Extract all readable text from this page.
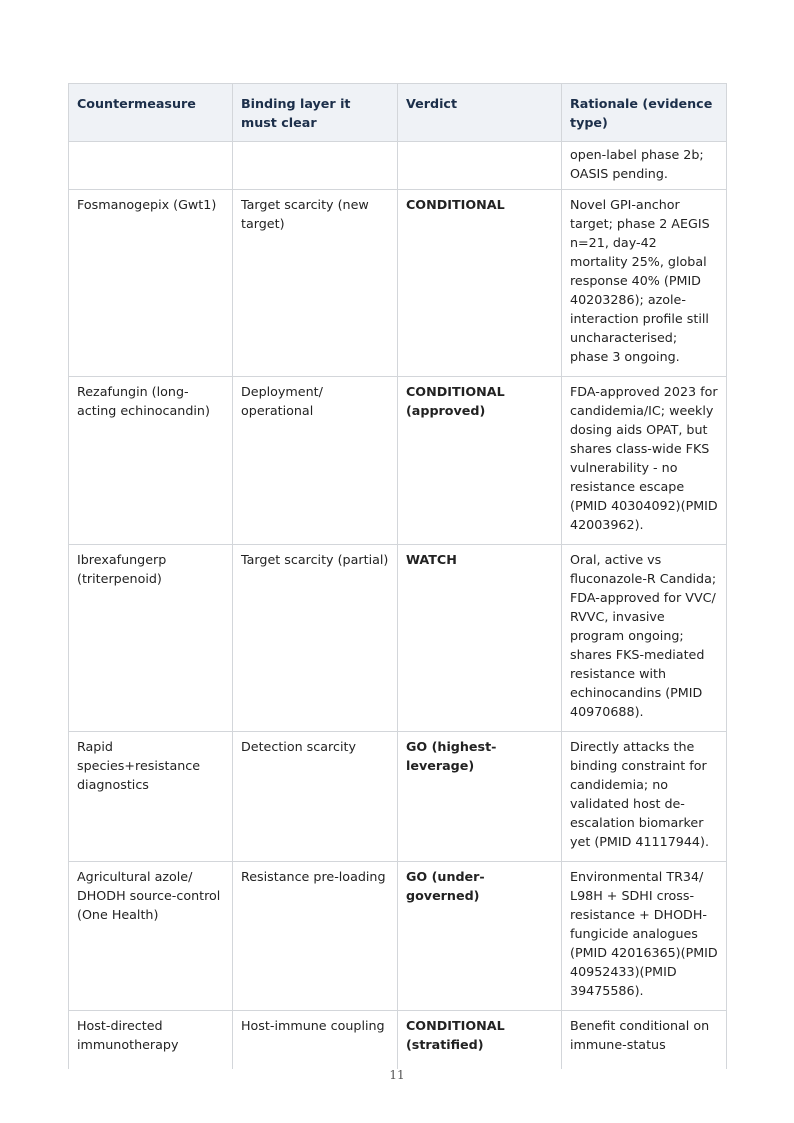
Countermeasure	Binding layer it must clear	Verdict	Rationale (evidence type)
			open-label phase 2b; OASIS pending.
Fosmanogepix (Gwt1)	Target scarcity (new target)	CONDITIONAL	Novel GPI-anchor target; phase 2 AEGIS n=21, day-42 mortality 25%, global response 40% (PMID 40203286); azole-interaction profile still uncharacterised; phase 3 ongoing.
Rezafungin (long-acting echinocandin)	Deployment/ operational	CONDITIONAL (approved)	FDA-approved 2023 for candidemia/IC; weekly dosing aids OPAT, but shares class-wide FKS vulnerability - no resistance escape (PMID 40304092)(PMID 42003962).
Ibrexafungerp (triterpenoid)	Target scarcity (partial)	WATCH	Oral, active vs fluconazole-R Candida; FDA-approved for VVC/ RVVC, invasive program ongoing; shares FKS-mediated resistance with echinocandins (PMID 40970688).
Rapid species+resistance diagnostics	Detection scarcity	GO (highest-leverage)	Directly attacks the binding constraint for candidemia; no validated host de-escalation biomarker yet (PMID 41117944).
Agricultural azole/ DHODH source-control (One Health)	Resistance pre-loading	GO (under-governed)	Environmental TR34/ L98H + SDHI cross-resistance + DHODH-fungicide analogues (PMID 42016365)(PMID 40952433)(PMID 39475586).
Host-directed immunotherapy	Host-immune coupling	CONDITIONAL (stratified)	Benefit conditional on immune-status
11
